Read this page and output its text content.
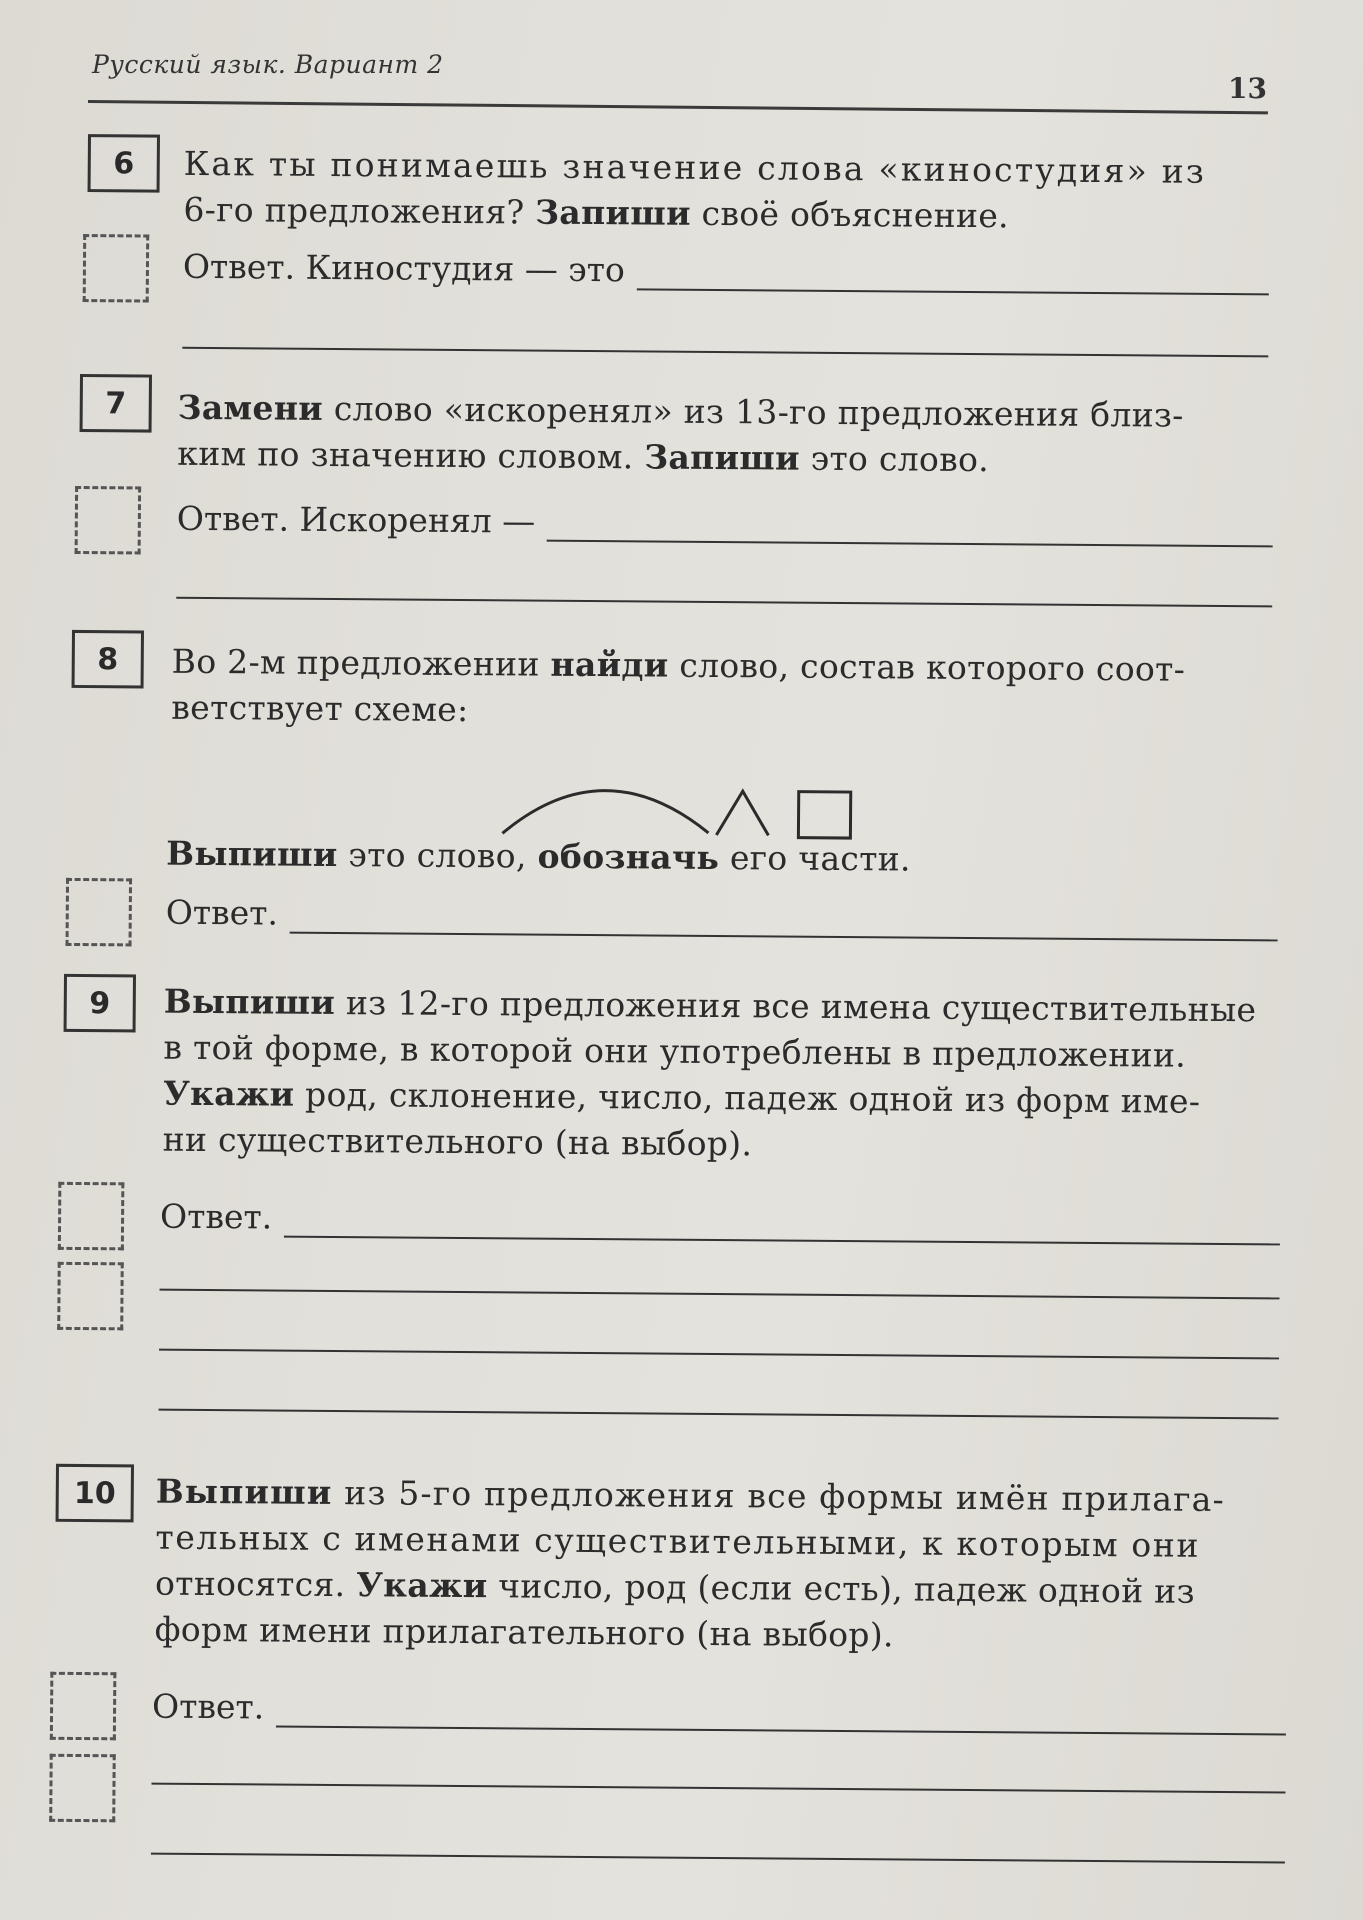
Русский язык. Вариант 2
13
6	Как ты понимаешь значение слова «киностудия» из
6-го предложения? Запиши своё объяснение.
Ответ. Киностудия — это
7	Замени слово «искоренял» из 13-го предложения близ-
ким по значению словом. Запиши это слово.
Ответ. Искоренял —
8	Во 2-м предложении найди слово, состав которого соот-
ветствует схеме:
Выпиши это слово, обозначь его части.
Ответ.
9	Выпиши из 12-го предложения все имена существительные
в той форме, в которой они употреблены в предложении.
Укажи род, склонение, число, падеж одной из форм име-
ни существительного (на выбор).
Ответ.
10	Выпиши из 5-го предложения все формы имён прилага-
тельных с именами существительными, к которым они
относятся. Укажи число, род (если есть), падеж одной из
форм имени прилагательного (на выбор).
Ответ.
